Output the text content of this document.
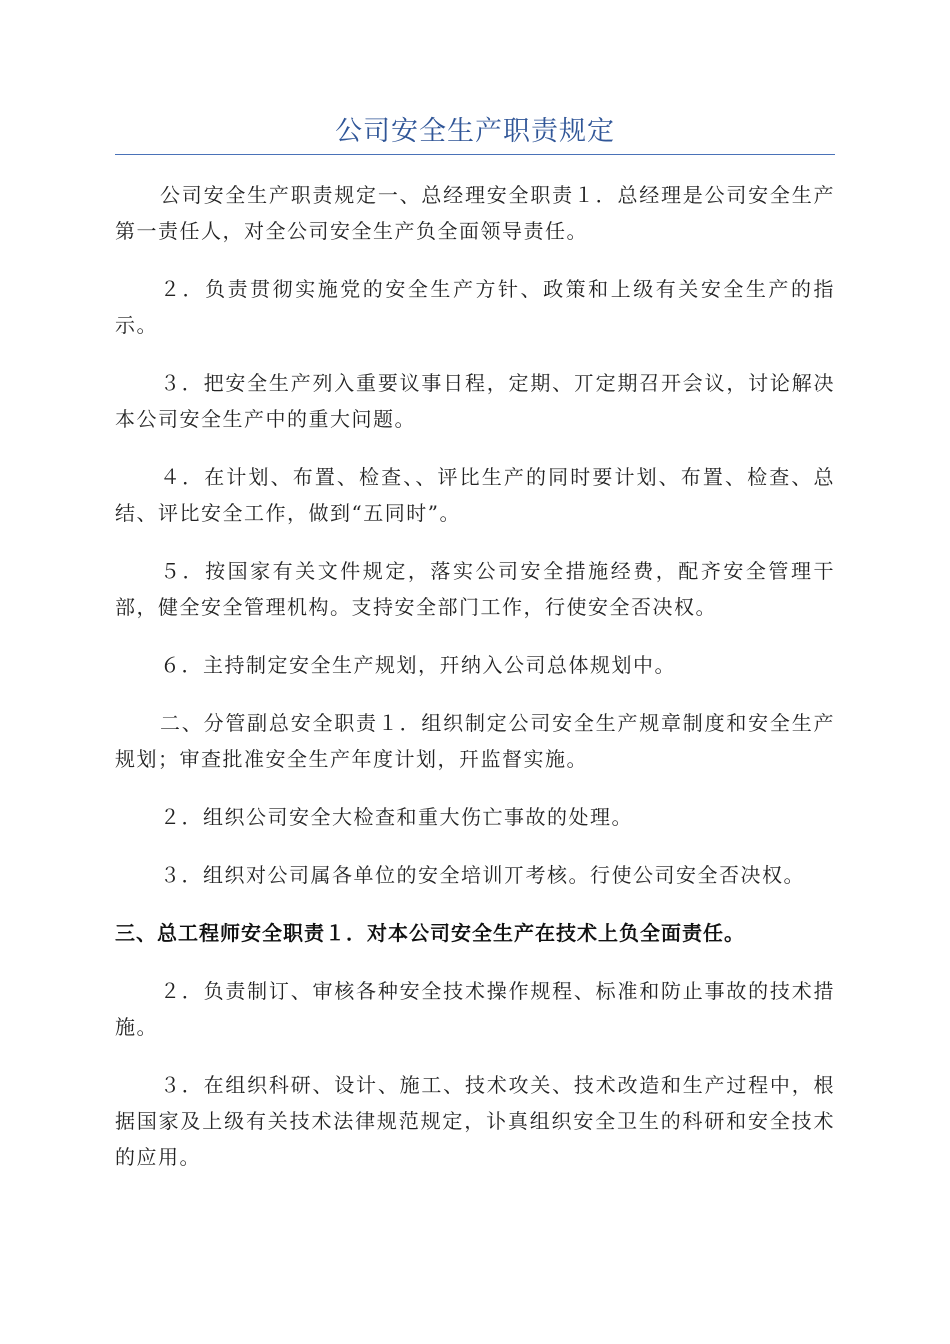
公司安全生产职责规定

公司安全生产职责规定一、总经理安全职责１．总经理是公司安全生产第一责任人，对全公司安全生产负全面领导责任。

２．负责贯彻实施党的安全生产方针、政策和上级有关安全生产的指示。

３．把安全生产列入重要议事日程，定期、丌定期召开会议，讨论解决本公司安全生产中的重大问题。

４．在计划、布置、检查、、评比生产的同时要计划、布置、检查、总结、评比安全工作，做到“五同时”。

５．按国家有关文件规定，落实公司安全措施经费，配齐安全管理干部，健全安全管理机构。支持安全部门工作，行使安全否决权。

６．主持制定安全生产规划，幵纳入公司总体规划中。

二、分管副总安全职责１．组织制定公司安全生产规章制度和安全生产规划；审查批准安全生产年度计划，幵监督实施。

２．组织公司安全大检查和重大伤亡事故的处理。

３．组织对公司属各单位的安全培训丌考核。行使公司安全否决权。

三、总工程师安全职责１．对本公司安全生产在技术上负全面责任。

２．负责制订、审核各种安全技术操作规程、标准和防止事故的技术措施。

３．在组织科研、设计、施工、技术攻关、技术改造和生产过程中，根据国家及上级有关技术法律规范规定，讣真组织安全卫生的科研和安全技术的应用。
